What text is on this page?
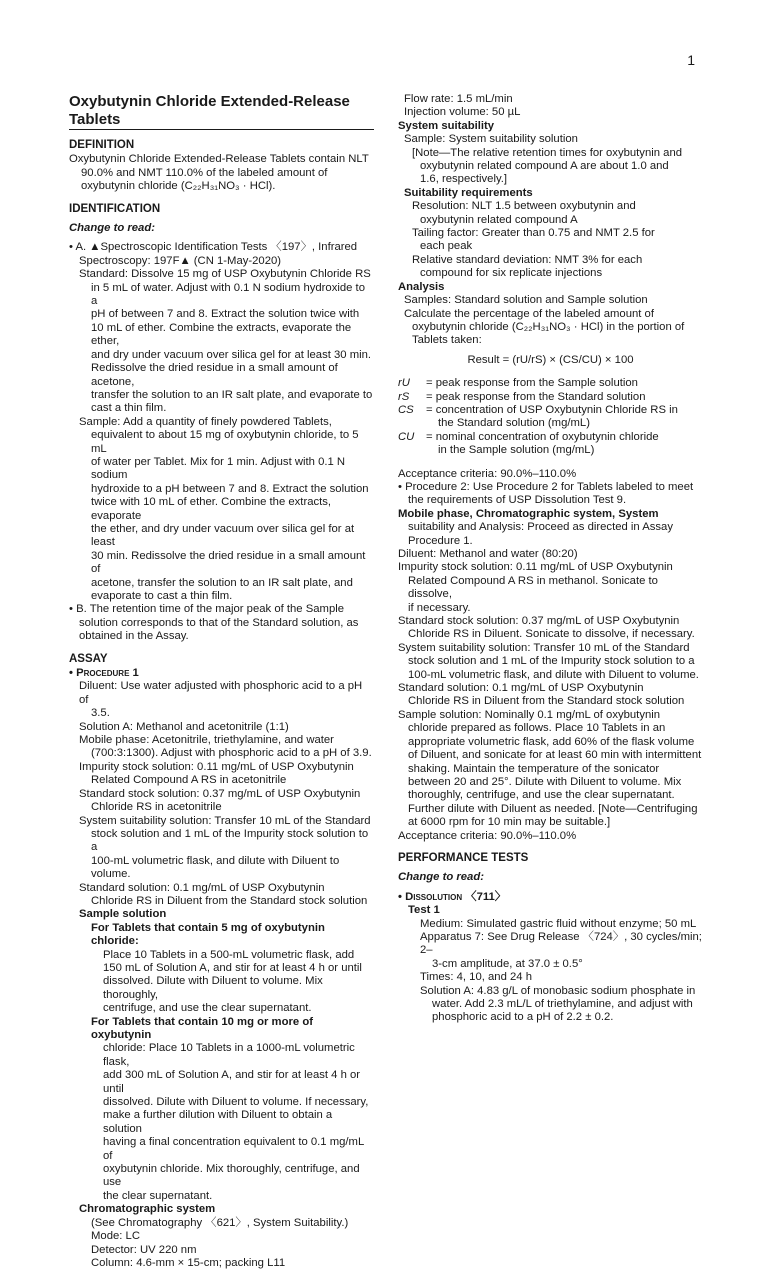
1
Oxybutynin Chloride Extended-Release
Tablets
DEFINITION
Oxybutynin Chloride Extended-Release Tablets contain NLT
90.0% and NMT 110.0% of the labeled amount of
oxybutynin chloride (C₂₂H₃₁NO₃ · HCl).
IDENTIFICATION
Change to read:
• A. ▲Spectroscopic Identification Tests 〈197〉, Infrared
Spectroscopy: 197F▲ (CN 1-May-2020)
Standard: Dissolve 15 mg of USP Oxybutynin Chloride RS
in 5 mL of water. Adjust with 0.1 N sodium hydroxide to a
pH of between 7 and 8. Extract the solution twice with
10 mL of ether. Combine the extracts, evaporate the ether,
and dry under vacuum over silica gel for at least 30 min.
Redissolve the dried residue in a small amount of acetone,
transfer the solution to an IR salt plate, and evaporate to
cast a thin film.
Sample: Add a quantity of finely powdered Tablets,
equivalent to about 15 mg of oxybutynin chloride, to 5 mL
of water per Tablet. Mix for 1 min. Adjust with 0.1 N sodium
hydroxide to a pH between 7 and 8. Extract the solution
twice with 10 mL of ether. Combine the extracts, evaporate
the ether, and dry under vacuum over silica gel for at least
30 min. Redissolve the dried residue in a small amount of
acetone, transfer the solution to an IR salt plate, and
evaporate to cast a thin film.
• B. The retention time of the major peak of the Sample
solution corresponds to that of the Standard solution, as
obtained in the Assay.
ASSAY
• Procedure 1
Diluent: Use water adjusted with phosphoric acid to a pH of
3.5.
Solution A: Methanol and acetonitrile (1:1)
Mobile phase: Acetonitrile, triethylamine, and water
(700:3:1300). Adjust with phosphoric acid to a pH of 3.9.
Impurity stock solution: 0.11 mg/mL of USP Oxybutynin
Related Compound A RS in acetonitrile
Standard stock solution: 0.37 mg/mL of USP Oxybutynin
Chloride RS in acetonitrile
System suitability solution: Transfer 10 mL of the Standard
stock solution and 1 mL of the Impurity stock solution to a
100-mL volumetric flask, and dilute with Diluent to volume.
Standard solution: 0.1 mg/mL of USP Oxybutynin
Chloride RS in Diluent from the Standard stock solution
Sample solution
For Tablets that contain 5 mg of oxybutynin chloride:
Place 10 Tablets in a 500-mL volumetric flask, add
150 mL of Solution A, and stir for at least 4 h or until
dissolved. Dilute with Diluent to volume. Mix thoroughly,
centrifuge, and use the clear supernatant.
For Tablets that contain 10 mg or more of oxybutynin
chloride: Place 10 Tablets in a 1000-mL volumetric flask,
add 300 mL of Solution A, and stir for at least 4 h or until
dissolved. Dilute with Diluent to volume. If necessary,
make a further dilution with Diluent to obtain a solution
having a final concentration equivalent to 0.1 mg/mL of
oxybutynin chloride. Mix thoroughly, centrifuge, and use
the clear supernatant.
Chromatographic system
(See Chromatography 〈621〉, System Suitability.)
Mode: LC
Detector: UV 220 nm
Column: 4.6-mm × 15-cm; packing L11
Flow rate: 1.5 mL/min
Injection volume: 50 µL
System suitability
Sample: System suitability solution
[Note—The relative retention times for oxybutynin and
oxybutynin related compound A are about 1.0 and
1.6, respectively.]
Suitability requirements
Resolution: NLT 1.5 between oxybutynin and
oxybutynin related compound A
Tailing factor: Greater than 0.75 and NMT 2.5 for
each peak
Relative standard deviation: NMT 3% for each
compound for six replicate injections
Analysis
Samples: Standard solution and Sample solution
Calculate the percentage of the labeled amount of
oxybutynin chloride (C₂₂H₃₁NO₃ · HCl) in the portion of
Tablets taken:
Result = (rU/rS) × (CS/CU) × 100
rU	= peak response from the Sample solution
rS	= peak response from the Standard solution
CS	= concentration of USP Oxybutynin Chloride RS in
the Standard solution (mg/mL)
CU	= nominal concentration of oxybutynin chloride
in the Sample solution (mg/mL)
Acceptance criteria: 90.0%–110.0%
• Procedure 2: Use Procedure 2 for Tablets labeled to meet
the requirements of USP Dissolution Test 9.
Mobile phase, Chromatographic system, System
suitability and Analysis: Proceed as directed in Assay
Procedure 1.
Diluent: Methanol and water (80:20)
Impurity stock solution: 0.11 mg/mL of USP Oxybutynin
Related Compound A RS in methanol. Sonicate to dissolve,
if necessary.
Standard stock solution: 0.37 mg/mL of USP Oxybutynin
Chloride RS in Diluent. Sonicate to dissolve, if necessary.
System suitability solution: Transfer 10 mL of the Standard
stock solution and 1 mL of the Impurity stock solution to a
100-mL volumetric flask, and dilute with Diluent to volume.
Standard solution: 0.1 mg/mL of USP Oxybutynin
Chloride RS in Diluent from the Standard stock solution
Sample solution: Nominally 0.1 mg/mL of oxybutynin
chloride prepared as follows. Place 10 Tablets in an
appropriate volumetric flask, add 60% of the flask volume
of Diluent, and sonicate for at least 60 min with intermittent
shaking. Maintain the temperature of the sonicator
between 20 and 25°. Dilute with Diluent to volume. Mix
thoroughly, centrifuge, and use the clear supernatant.
Further dilute with Diluent as needed. [Note—Centrifuging
at 6000 rpm for 10 min may be suitable.]
Acceptance criteria: 90.0%–110.0%
PERFORMANCE TESTS
Change to read:
• Dissolution 〈711〉
Test 1
Medium: Simulated gastric fluid without enzyme; 50 mL
Apparatus 7: See Drug Release 〈724〉, 30 cycles/min; 2–
3-cm amplitude, at 37.0 ± 0.5°
Times: 4, 10, and 24 h
Solution A: 4.83 g/L of monobasic sodium phosphate in
water. Add 2.3 mL/L of triethylamine, and adjust with
phosphoric acid to a pH of 2.2 ± 0.2.
